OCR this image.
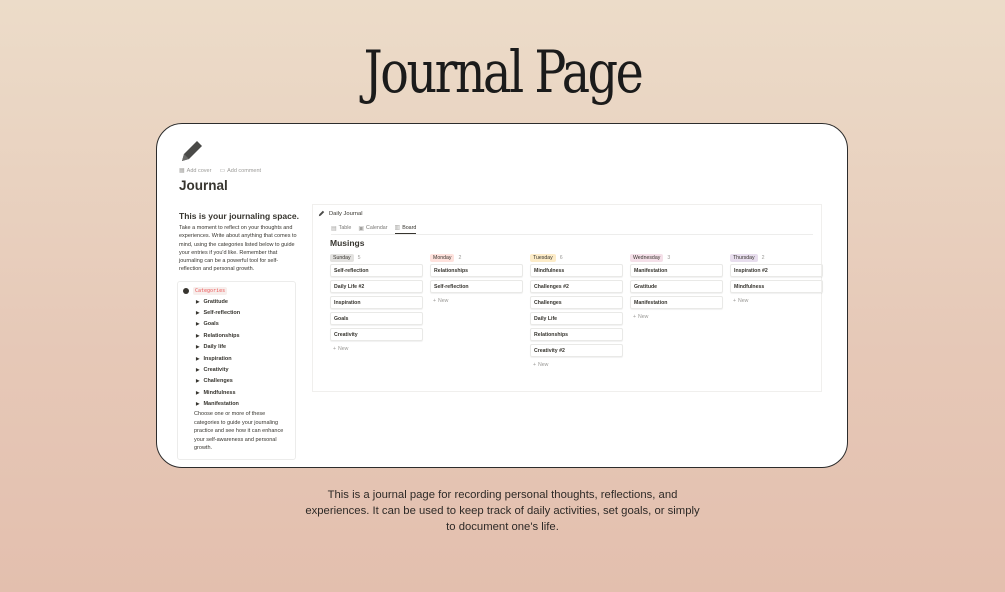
Journal Page
▦ Add cover ▭ Add comment
Journal
This is your journaling space.
Take a moment to reflect on your thoughts and experiences. Write about anything that comes to mind, using the categories listed below to guide your entries if you'd like. Remember that journaling can be a powerful tool for self-reflection and personal growth.
Categories
▶ Gratitude
▶ Self-reflection
▶ Goals
▶ Relationships
▶ Daily life
▶ Inspiration
▶ Creativity
▶ Challenges
▶ Mindfulness
▶ Manifestation
Choose one or more of these categories to guide your journaling practice and see how it can enhance your self-awareness and personal growth.
Daily Journal
▤ Table ▣ Calendar ▥ Board
Musings
Sunday	5
Self-reflection
Daily Life #2
Inspiration
Goals
Creativity
+ New
Monday	2
Relationships
Self-reflection
+ New
Tuesday	6
Mindfulness
Challenges #2
Challenges
Daily Life
Relationships
Creativity #2
+ New
Wednesday	3
Manifestation
Gratitude
Manifestation
+ New
Thursday	2
Inspiration #2
Mindfulness
+ New
This is a journal page for recording personal thoughts, reflections, and experiences. It can be used to keep track of daily activities, set goals, or simply to document one's life.
